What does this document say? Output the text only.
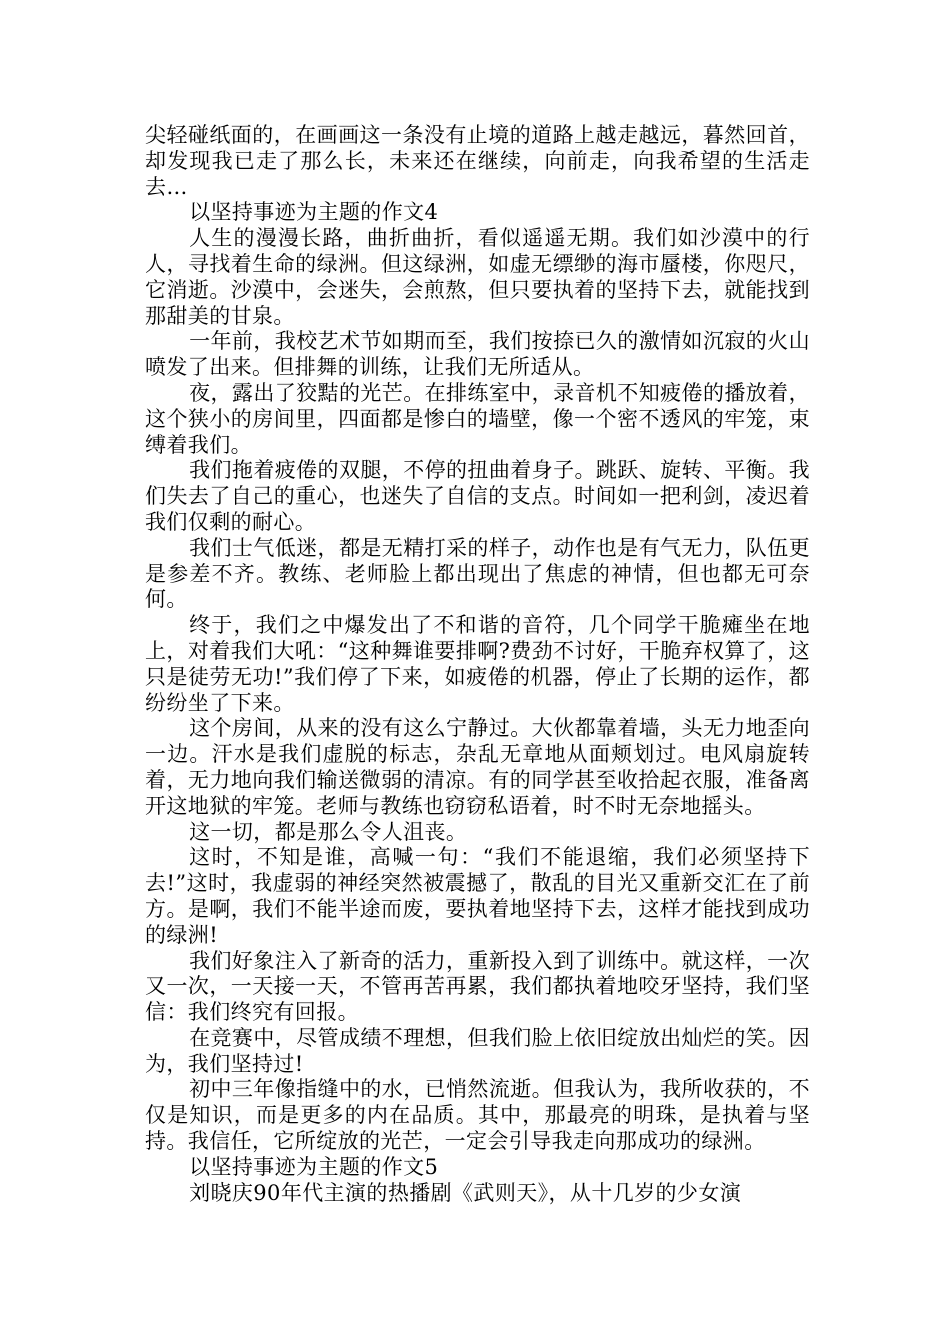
尖轻碰纸面的，在画画这一条没有止境的道路上越走越远，暮然回首，却发现我已走了那么长，未来还在继续，向前走，向我希望的生活走去…

以坚持事迹为主题的作文4

人生的漫漫长路，曲折曲折，看似遥遥无期。我们如沙漠中的行人，寻找着生命的绿洲。但这绿洲，如虚无缥缈的海市蜃楼，你咫尺，它消逝。沙漠中，会迷失，会煎熬，但只要执着的坚持下去，就能找到那甜美的甘泉。

一年前，我校艺术节如期而至，我们按捺已久的激情如沉寂的火山喷发了出来。但排舞的训练，让我们无所适从。

夜，露出了狡黠的光芒。在排练室中，录音机不知疲倦的播放着，这个狭小的房间里，四面都是惨白的墙壁，像一个密不透风的牢笼，束缚着我们。

我们拖着疲倦的双腿，不停的扭曲着身子。跳跃、旋转、平衡。我们失去了自己的重心，也迷失了自信的支点。时间如一把利剑，凌迟着我们仅剩的耐心。

我们士气低迷，都是无精打采的样子，动作也是有气无力，队伍更是参差不齐。教练、老师脸上都出现出了焦虑的神情，但也都无可奈何。

终于，我们之中爆发出了不和谐的音符，几个同学干脆瘫坐在地上，对着我们大吼：“这种舞谁要排啊?费劲不讨好，干脆弃权算了，这只是徒劳无功!”我们停了下来，如疲倦的机器，停止了长期的运作，都纷纷坐了下来。

这个房间，从来的没有这么宁静过。大伙都靠着墙，头无力地歪向一边。汗水是我们虚脱的标志，杂乱无章地从面颊划过。电风扇旋转着，无力地向我们输送微弱的清凉。有的同学甚至收拾起衣服，准备离开这地狱的牢笼。老师与教练也窃窃私语着，时不时无奈地摇头。

这一切，都是那么令人沮丧。

这时，不知是谁，高喊一句：“我们不能退缩，我们必须坚持下去!”这时，我虚弱的神经突然被震撼了，散乱的目光又重新交汇在了前方。是啊，我们不能半途而废，要执着地坚持下去，这样才能找到成功的绿洲!

我们好象注入了新奇的活力，重新投入到了训练中。就这样，一次又一次，一天接一天，不管再苦再累，我们都执着地咬牙坚持，我们坚信：我们终究有回报。

在竞赛中，尽管成绩不理想，但我们脸上依旧绽放出灿烂的笑。因为，我们坚持过!

初中三年像指缝中的水，已悄然流逝。但我认为，我所收获的，不仅是知识，而是更多的内在品质。其中，那最亮的明珠，是执着与坚持。我信任，它所绽放的光芒，一定会引导我走向那成功的绿洲。

以坚持事迹为主题的作文5

刘晓庆90年代主演的热播剧《武则天》，从十几岁的少女演
